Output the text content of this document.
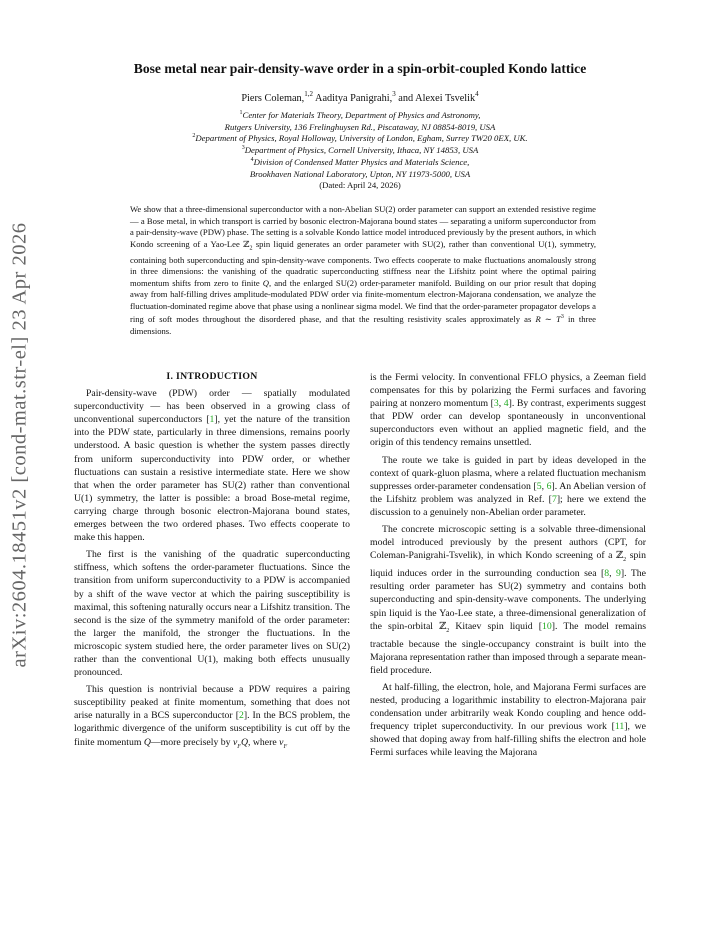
arXiv:2604.18451v2 [cond-mat.str-el] 23 Apr 2026
Bose metal near pair-density-wave order in a spin-orbit-coupled Kondo lattice
Piers Coleman,$^{1,2}$ Aaditya Panigrahi,$^3$ and Alexei Tsvelik$^4$
$^1$Center for Materials Theory, Department of Physics and Astronomy,
Rutgers University, 136 Frelinghuysen Rd., Piscataway, NJ 08854-8019, USA
$^2$Department of Physics, Royal Holloway, University of London, Egham, Surrey TW20 0EX, UK.
$^3$Department of Physics, Cornell University, Ithaca, NY 14853, USA
$^4$Division of Condensed Matter Physics and Materials Science,
Brookhaven National Laboratory, Upton, NY 11973-5000, USA
(Dated: April 24, 2026)
We show that a three-dimensional superconductor with a non-Abelian SU(2) order parameter can support an extended resistive regime — a Bose metal, in which transport is carried by bosonic electron-Majorana bound states — separating a uniform superconductor from a pair-density-wave (PDW) phase. The setting is a solvable Kondo lattice model introduced previously by the present authors, in which Kondo screening of a Yao-Lee ℤ$_2$ spin liquid generates an order parameter with SU(2), rather than conventional U(1), symmetry, containing both superconducting and spin-density-wave components. Two effects cooperate to make fluctuations anomalously strong in three dimensions: the vanishing of the quadratic superconducting stiffness near the Lifshitz point where the optimal pairing momentum shifts from zero to finite Q, and the enlarged SU(2) order-parameter manifold. Building on our prior result that doping away from half-filling drives amplitude-modulated PDW order via finite-momentum electron-Majorana condensation, we analyze the fluctuation-dominated regime above that phase using a nonlinear sigma model. We find that the order-parameter propagator develops a ring of soft modes throughout the disordered phase, and that the resulting resistivity scales approximately as R ∼ $T^3$ in three dimensions.

I. INTRODUCTION

Pair-density-wave (PDW) order — spatially modulated superconductivity — has been observed in a growing class of unconventional superconductors [1], yet the nature of the transition into the PDW state, particularly in three dimensions, remains poorly understood. A basic question is whether the system passes directly from uniform superconductivity into PDW order, or whether fluctuations can sustain a resistive intermediate state. Here we show that when the order parameter has SU(2) rather than conventional U(1) symmetry, the latter is possible: a broad Bose-metal regime, carrying charge through bosonic electron-Majorana bound states, emerges between the two ordered phases. Two effects cooperate to make this happen.

The first is the vanishing of the quadratic superconducting stiffness, which softens the order-parameter fluctuations. Since the transition from uniform superconductivity to a PDW is accompanied by a shift of the wave vector at which the pairing susceptibility is maximal, this softening naturally occurs near a Lifshitz transition. The second is the size of the symmetry manifold of the order parameter: the larger the manifold, the stronger the fluctuations. In the microscopic system studied here, the order parameter lives on SU(2) rather than the conventional U(1), making both effects unusually pronounced.

This question is nontrivial because a PDW requires a pairing susceptibility peaked at finite momentum, something that does not arise naturally in a BCS superconductor [2]. In the BCS problem, the logarithmic divergence of the uniform susceptibility is cut off by the finite momentum Q—more precisely by $v_FQ$, where $v_F$

is the Fermi velocity. In conventional FFLO physics, a Zeeman field compensates for this by polarizing the Fermi surfaces and favoring pairing at nonzero momentum [3, 4]. By contrast, experiments suggest that PDW order can develop spontaneously in unconventional superconductors even without an applied magnetic field, and the origin of this tendency remains unsettled.

The route we take is guided in part by ideas developed in the context of quark-gluon plasma, where a related fluctuation mechanism suppresses order-parameter condensation [5, 6]. An Abelian version of the Lifshitz problem was analyzed in Ref. [7]; here we extend the discussion to a genuinely non-Abelian order parameter.

The concrete microscopic setting is a solvable three-dimensional model introduced previously by the present authors (CPT, for Coleman-Panigrahi-Tsvelik), in which Kondo screening of a ℤ$_2$ spin liquid induces order in the surrounding conduction sea [8, 9]. The resulting order parameter has SU(2) symmetry and contains both superconducting and spin-density-wave components. The underlying spin liquid is the Yao-Lee state, a three-dimensional generalization of the spin-orbital ℤ$_2$ Kitaev spin liquid [10]. The model remains tractable because the single-occupancy constraint is built into the Majorana representation rather than imposed through a separate mean-field procedure.

At half-filling, the electron, hole, and Majorana Fermi surfaces are nested, producing a logarithmic instability to electron-Majorana pair condensation under arbitrarily weak Kondo coupling and hence odd-frequency triplet superconductivity. In our previous work [11], we showed that doping away from half-filling shifts the electron and hole Fermi surfaces while leaving the Majorana
